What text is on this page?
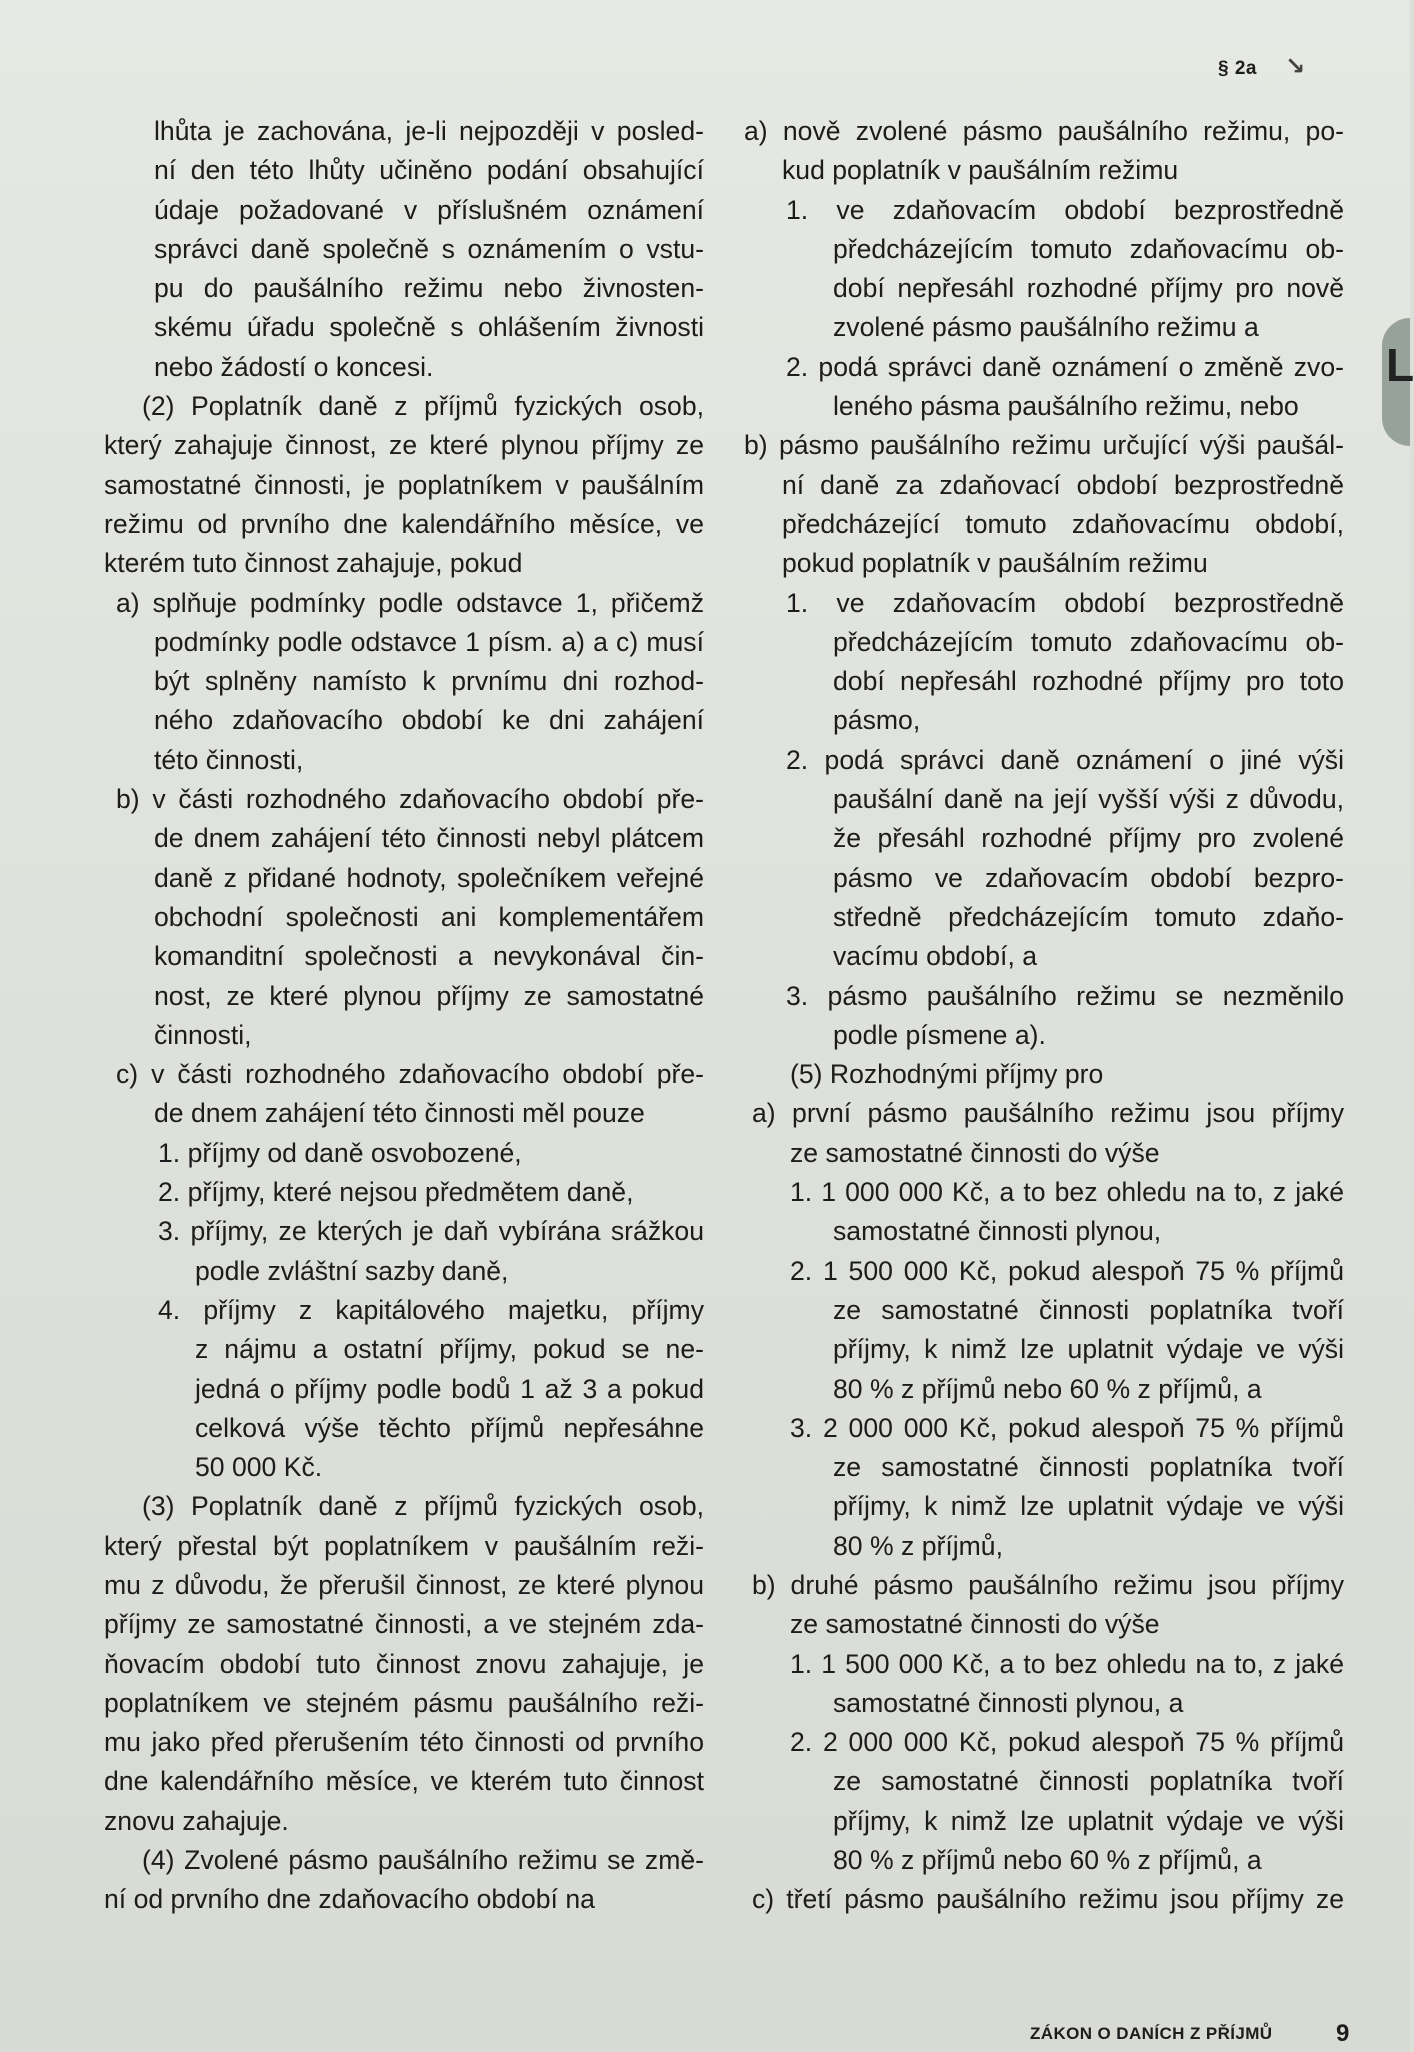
§ 2a ↘
L
lhůta je zachována, je-li nejpozději v posled-
ní den této lhůty učiněno podání obsahující
údaje požadované v příslušném oznámení
správci daně společně s oznámením o vstu-
pu do paušálního režimu nebo živnosten-
skému úřadu společně s ohlášením živnosti
nebo žádostí o koncesi.
(2) Poplatník daně z příjmů fyzických osob,
který zahajuje činnost, ze které plynou příjmy ze
samostatné činnosti, je poplatníkem v paušálním
režimu od prvního dne kalendářního měsíce, ve
kterém tuto činnost zahajuje, pokud
a) splňuje podmínky podle odstavce 1, přičemž
podmínky podle odstavce 1 písm. a) a c) musí
být splněny namísto k prvnímu dni rozhod-
ného zdaňovacího období ke dni zahájení
této činnosti,
b) v části rozhodného zdaňovacího období pře-
de dnem zahájení této činnosti nebyl plátcem
daně z přidané hodnoty, společníkem veřejné
obchodní společnosti ani komplementářem
komanditní společnosti a nevykonával čin-
nost, ze které plynou příjmy ze samostatné
činnosti,
c) v části rozhodného zdaňovacího období pře-
de dnem zahájení této činnosti měl pouze
1. příjmy od daně osvobozené,
2. příjmy, které nejsou předmětem daně,
3. příjmy, ze kterých je daň vybírána srážkou
podle zvláštní sazby daně,
4. příjmy z kapitálového majetku, příjmy
z nájmu a ostatní příjmy, pokud se ne-
jedná o příjmy podle bodů 1 až 3 a pokud
celková výše těchto příjmů nepřesáhne
50 000 Kč.
(3) Poplatník daně z příjmů fyzických osob,
který přestal být poplatníkem v paušálním reži-
mu z důvodu, že přerušil činnost, ze které plynou
příjmy ze samostatné činnosti, a ve stejném zda-
ňovacím období tuto činnost znovu zahajuje, je
poplatníkem ve stejném pásmu paušálního reži-
mu jako před přerušením této činnosti od prvního
dne kalendářního měsíce, ve kterém tuto činnost
znovu zahajuje.
(4) Zvolené pásmo paušálního režimu se změ-
ní od prvního dne zdaňovacího období na
a) nově zvolené pásmo paušálního režimu, po-
kud poplatník v paušálním režimu
1. ve zdaňovacím období bezprostředně
předcházejícím tomuto zdaňovacímu ob-
dobí nepřesáhl rozhodné příjmy pro nově
zvolené pásmo paušálního režimu a
2. podá správci daně oznámení o změně zvo-
leného pásma paušálního režimu, nebo
b) pásmo paušálního režimu určující výši paušál-
ní daně za zdaňovací období bezprostředně
předcházející tomuto zdaňovacímu období,
pokud poplatník v paušálním režimu
1. ve zdaňovacím období bezprostředně
předcházejícím tomuto zdaňovacímu ob-
dobí nepřesáhl rozhodné příjmy pro toto
pásmo,
2. podá správci daně oznámení o jiné výši
paušální daně na její vyšší výši z důvodu,
že přesáhl rozhodné příjmy pro zvolené
pásmo ve zdaňovacím období bezpro-
středně předcházejícím tomuto zdaňo-
vacímu období, a
3. pásmo paušálního režimu se nezměnilo
podle písmene a).
(5) Rozhodnými příjmy pro
a) první pásmo paušálního režimu jsou příjmy
ze samostatné činnosti do výše
1. 1 000 000 Kč, a to bez ohledu na to, z jaké
samostatné činnosti plynou,
2. 1 500 000 Kč, pokud alespoň 75 % příjmů
ze samostatné činnosti poplatníka tvoří
příjmy, k nimž lze uplatnit výdaje ve výši
80 % z příjmů nebo 60 % z příjmů, a
3. 2 000 000 Kč, pokud alespoň 75 % příjmů
ze samostatné činnosti poplatníka tvoří
příjmy, k nimž lze uplatnit výdaje ve výši
80 % z příjmů,
b) druhé pásmo paušálního režimu jsou příjmy
ze samostatné činnosti do výše
1. 1 500 000 Kč, a to bez ohledu na to, z jaké
samostatné činnosti plynou, a
2. 2 000 000 Kč, pokud alespoň 75 % příjmů
ze samostatné činnosti poplatníka tvoří
příjmy, k nimž lze uplatnit výdaje ve výši
80 % z příjmů nebo 60 % z příjmů, a
c) třetí pásmo paušálního režimu jsou příjmy ze
ZÁKON O DANÍCH Z PŘÍJMŮ	9
